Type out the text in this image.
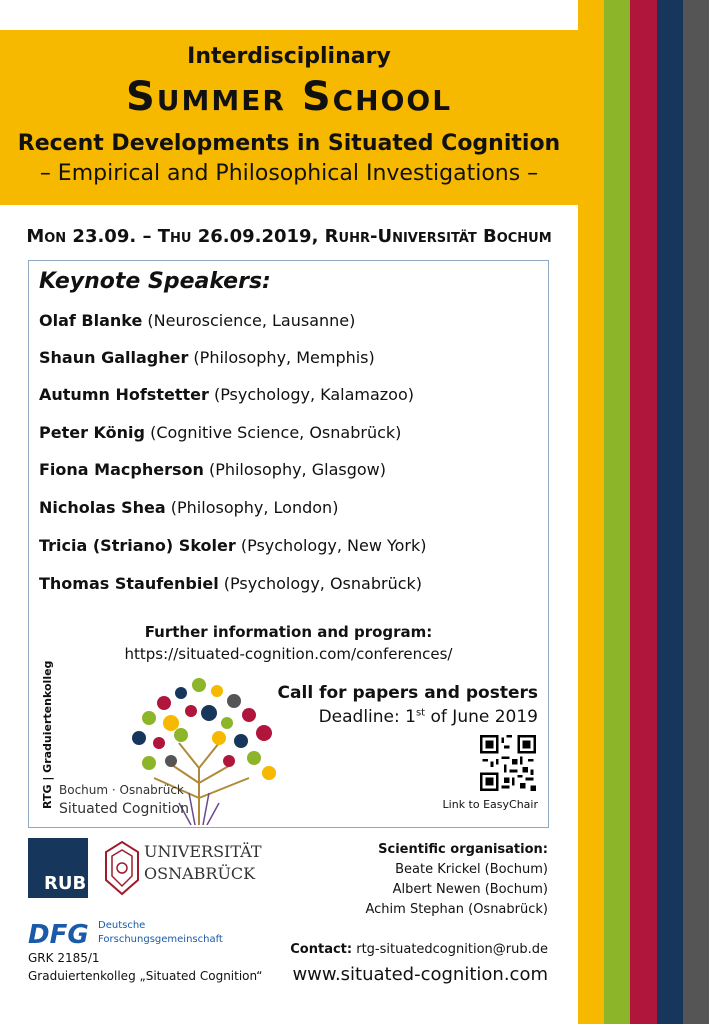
Interdisciplinary
Summer School
Recent Developments in Situated Cognition
– Empirical and Philosophical Investigations –
Mon 23.09. – Thu 26.09.2019, Ruhr-Universität Bochum
Keynote Speakers:
Olaf Blanke (Neuroscience, Lausanne)
Shaun Gallagher (Philosophy, Memphis)
Autumn Hofstetter (Psychology, Kalamazoo)
Peter König (Cognitive Science, Osnabrück)
Fiona Macpherson (Philosophy, Glasgow)
Nicholas Shea (Philosophy, London)
Tricia (Striano) Skoler (Psychology, New York)
Thomas Staufenbiel (Psychology, Osnabrück)
Further information and program:
https://situated-cognition.com/conferences/
RTG | Graduiertenkolleg Bochum · Osnabrück
Situated Cognition
Call for papers and posters
Deadline: 1st of June 2019
Link to EasyChair
RUB
UNIVERSITÄT
OSNABRÜCK
DFG Deutsche
Forschungsgemeinschaft
GRK 2185/1
Graduiertenkolleg „Situated Cognition“
Scientific organisation:
Beate Krickel (Bochum)
Albert Newen (Bochum)
Achim Stephan (Osnabrück)
Contact: rtg-situatedcognition@rub.de
www.situated-cognition.com
